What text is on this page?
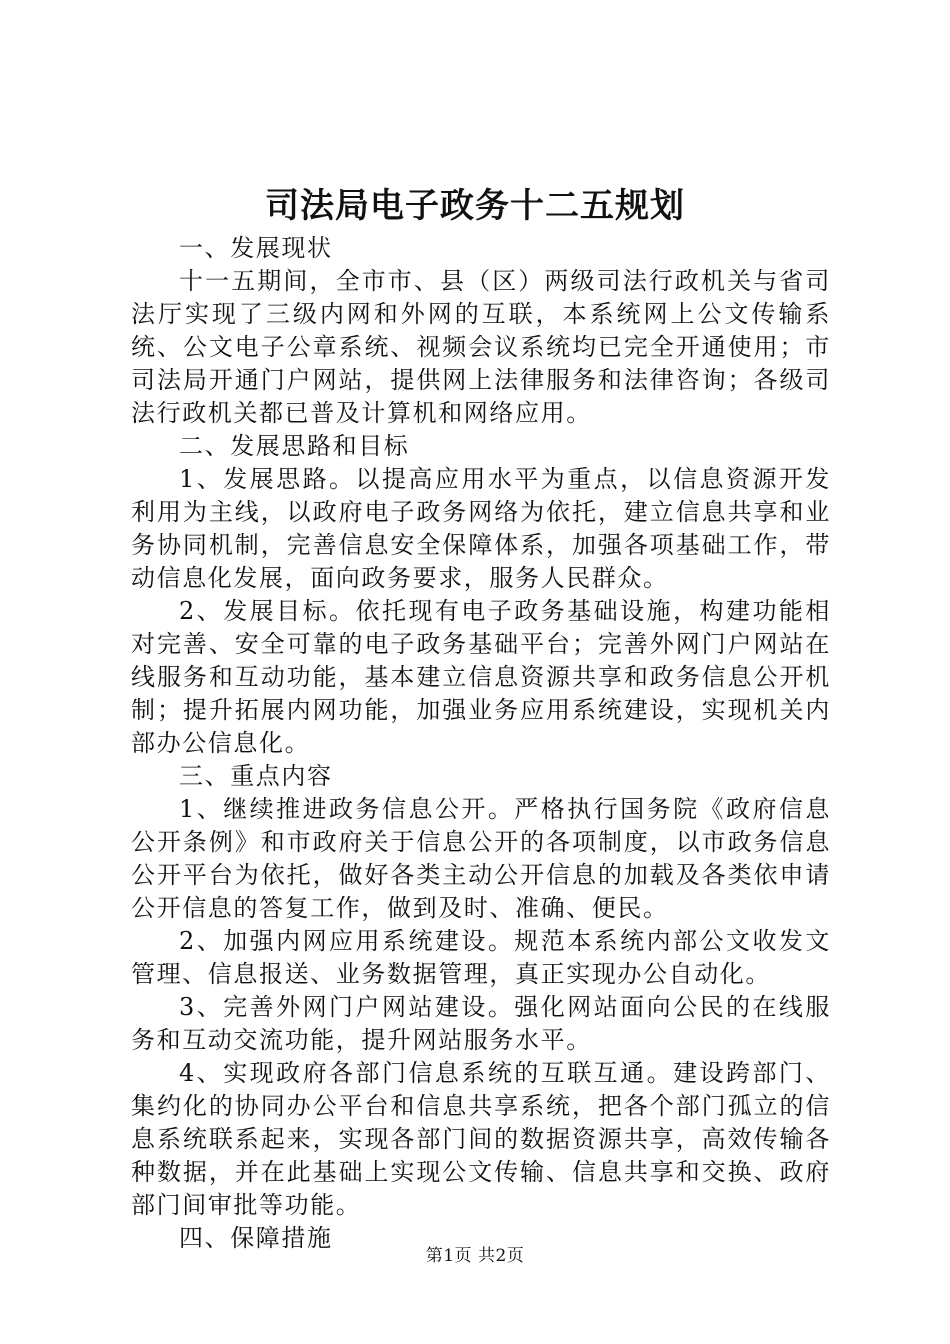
司法局电子政务十二五规划

一、发展现状

十一五期间，全市市、县（区）两级司法行政机关与省司法厅实现了三级内网和外网的互联，本系统网上公文传输系统、公文电子公章系统、视频会议系统均已完全开通使用；市司法局开通门户网站，提供网上法律服务和法律咨询；各级司法行政机关都已普及计算机和网络应用。

二、发展思路和目标

1、发展思路。以提高应用水平为重点，以信息资源开发利用为主线，以政府电子政务网络为依托，建立信息共享和业务协同机制，完善信息安全保障体系，加强各项基础工作，带动信息化发展，面向政务要求，服务人民群众。

2、发展目标。依托现有电子政务基础设施，构建功能相对完善、安全可靠的电子政务基础平台；完善外网门户网站在线服务和互动功能，基本建立信息资源共享和政务信息公开机制；提升拓展内网功能，加强业务应用系统建设，实现机关内部办公信息化。

三、重点内容

1、继续推进政务信息公开。严格执行国务院《政府信息公开条例》和市政府关于信息公开的各项制度，以市政务信息公开平台为依托，做好各类主动公开信息的加载及各类依申请公开信息的答复工作，做到及时、准确、便民。

2、加强内网应用系统建设。规范本系统内部公文收发文管理、信息报送、业务数据管理，真正实现办公自动化。

3、完善外网门户网站建设。强化网站面向公民的在线服务和互动交流功能，提升网站服务水平。

4、实现政府各部门信息系统的互联互通。建设跨部门、集约化的协同办公平台和信息共享系统，把各个部门孤立的信息系统联系起来，实现各部门间的数据资源共享，高效传输各种数据，并在此基础上实现公文传输、信息共享和交换、政府部门间审批等功能。

四、保障措施

第1页 共2页
